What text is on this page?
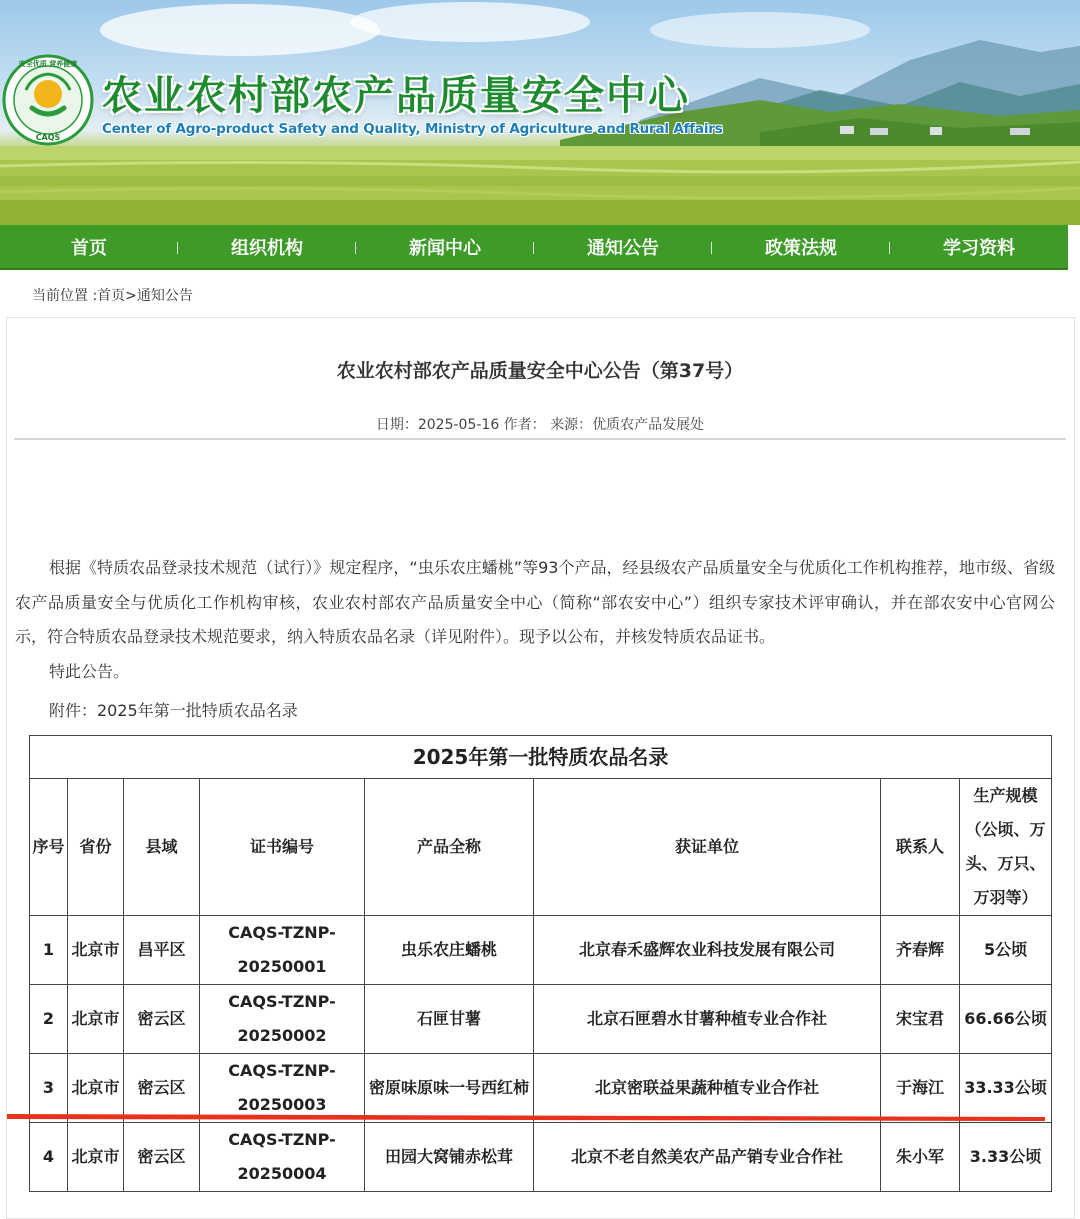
安全优质 营养健康
CAQS
农业农村部农产品质量安全中心
Center of Agro-product Safety and Quality, Ministry of Agriculture and Rural Affairs
首页	组织机构	新闻中心	通知公告	政策法规	学习资料
当前位置 :首页>通知公告
农业农村部农产品质量安全中心公告（第37号）
日期：2025-05-16 作者： 来源：优质农产品发展处
根据《特质农品登录技术规范（试行）》规定程序，“虫乐农庄蟠桃”等93个产品，经县级农产品质量安全与优质化工作机构推荐，地市级、省级农产品质量安全与优质化工作机构审核，农业农村部农产品质量安全中心（简称“部农安中心”）组织专家技术评审确认，并在部农安中心官网公示，符合特质农品登录技术规范要求，纳入特质农品名录（详见附件）。现予以公布，并核发特质农品证书。
特此公告。
附件：2025年第一批特质农品名录
2025年第一批特质农品名录							
序号	省份	县域	证书编号	产品全称	获证单位	联系人	生产规模（公顷、万头、万只、万羽等）
1	北京市	昌平区	CAQS-TZNP-20250001	虫乐农庄蟠桃	北京春禾盛辉农业科技发展有限公司	齐春辉	5公顷
2	北京市	密云区	CAQS-TZNP-20250002	石匣甘薯	北京石匣碧水甘薯种植专业合作社	宋宝君	66.66公顷
3	北京市	密云区	CAQS-TZNP-20250003	密原味原味一号西红柿	北京密联益果蔬种植专业合作社	于海江	33.33公顷
4	北京市	密云区	CAQS-TZNP-20250004	田园大窝铺赤松茸	北京不老自然美农产品产销专业合作社	朱小军	3.33公顷
